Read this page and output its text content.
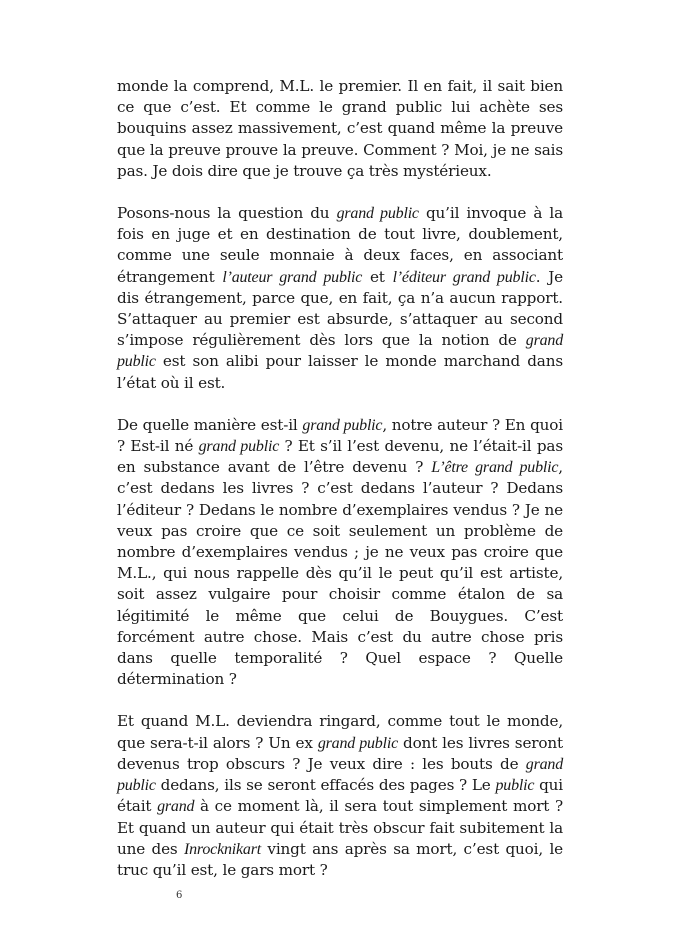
monde la comprend, M.L. le premier. Il en fait, il sait bien ce que c’est. Et comme le grand public lui achète ses bouquins assez massivement, c’est quand même la preuve que la preuve prouve la preuve. Comment ? Moi, je ne sais pas. Je dois dire que je trouve ça très mystérieux.

Posons-nous la question du grand public qu’il invoque à la fois en juge et en destination de tout livre, doublement, comme une seule monnaie à deux faces, en associant étrangement l’auteur grand public et l’éditeur grand public. Je dis étrangement, parce que, en fait, ça n’a aucun rapport. S’attaquer au premier est absurde, s’attaquer au second s’impose régulièrement dès lors que la notion de grand public est son alibi pour laisser le monde marchand dans l’état où il est.

De quelle manière est-il grand public, notre auteur ? En quoi ? Est-il né grand public ? Et s’il l’est devenu, ne l’était-il pas en substance avant de l’être devenu ? L’être grand public, c’est dedans les livres ? c’est dedans l’auteur ? Dedans l’éditeur ? Dedans le nombre d’exemplaires vendus ? Je ne veux pas croire que ce soit seulement un problème de nombre d’exemplaires vendus ; je ne veux pas croire que M.L., qui nous rappelle dès qu’il le peut qu’il est artiste, soit assez vulgaire pour choisir comme étalon de sa légitimité le même que celui de Bouygues. C’est forcément autre chose. Mais c’est du autre chose pris dans quelle temporalité ? Quel espace ? Quelle détermination ?

Et quand M.L. deviendra ringard, comme tout le monde, que sera-t-il alors ? Un ex grand public dont les livres seront devenus trop obscurs ? Je veux dire : les bouts de grand public dedans, ils se seront effacés des pages ? Le public qui était grand à ce moment là, il sera tout simplement mort ? Et quand un auteur qui était très obscur fait subitement la une des Inrocknikart vingt ans après sa mort, c’est quoi, le truc qu’il est, le gars mort ?

6
